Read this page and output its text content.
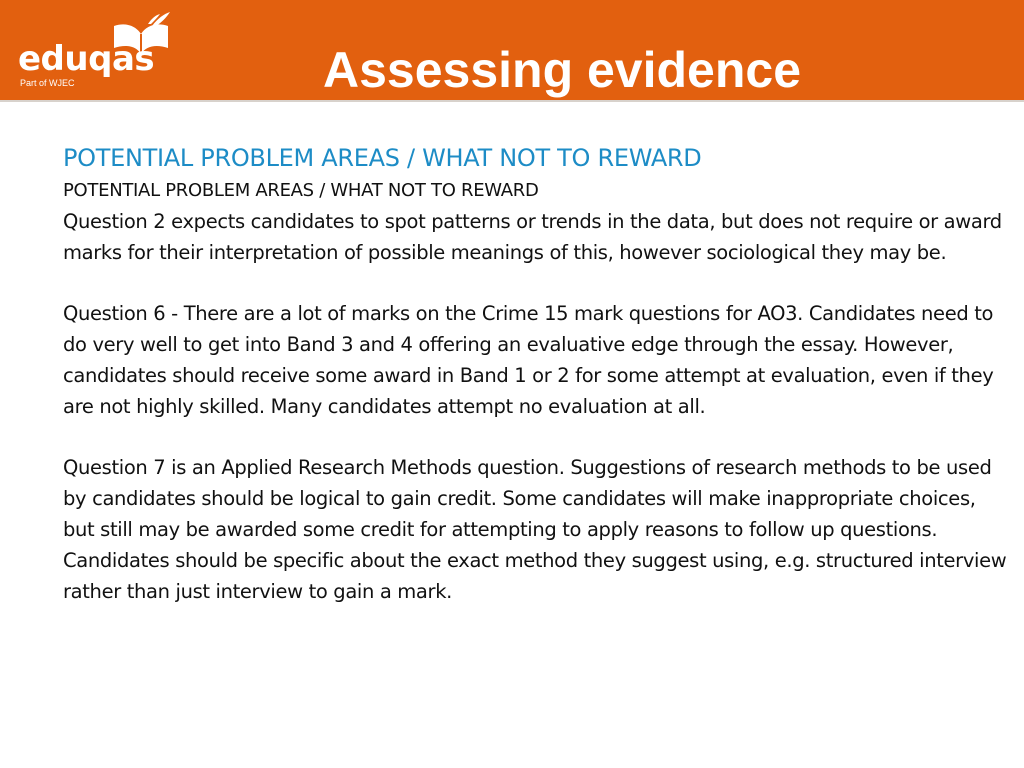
eduqas
Part of WJEC	Assessing evidence

POTENTIAL PROBLEM AREAS / WHAT NOT TO REWARD

POTENTIAL PROBLEM AREAS / WHAT NOT TO REWARD

Question 2 expects candidates to spot patterns or trends in the data, but does not require or award marks for their interpretation of possible meanings of this, however sociological they may be.

Question 6 - There are a lot of marks on the Crime 15 mark questions for AO3. Candidates need to do very well to get into Band 3 and 4 offering an evaluative edge through the essay. However, candidates should receive some award in Band 1 or 2 for some attempt at evaluation, even if they are not highly skilled. Many candidates attempt no evaluation at all.

Question 7 is an Applied Research Methods question. Suggestions of research methods to be used by candidates should be logical to gain credit. Some candidates will make inappropriate choices, but still may be awarded some credit for attempting to apply reasons to follow up questions. Candidates should be specific about the exact method they suggest using, e.g. structured interview rather than just interview to gain a mark.
